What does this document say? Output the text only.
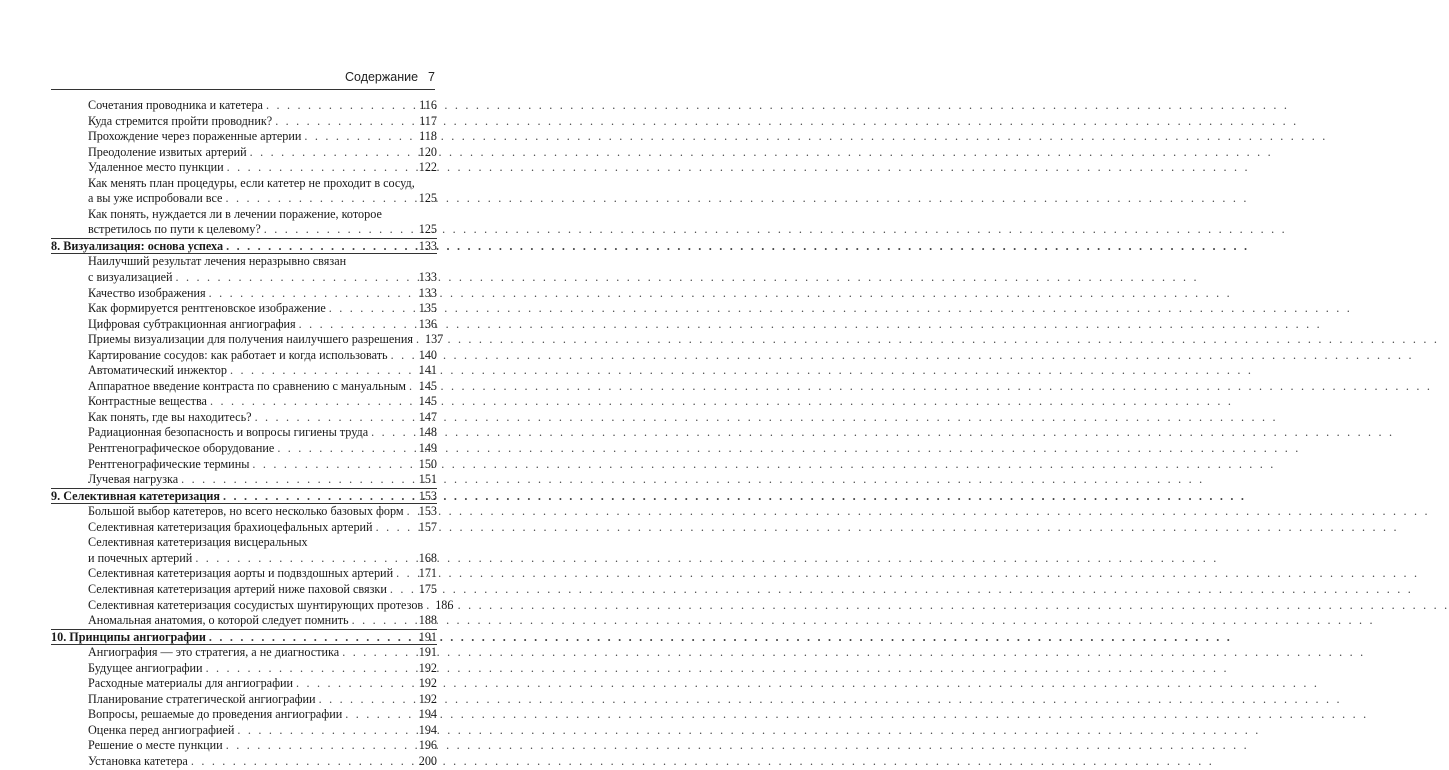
Содержание 7
Сочетания проводника и катетера . . .	116
Куда стремится пройти проводник? . . .	117
Прохождение через пораженные артерии . . .	118
Преодоление извитых артерий . . .	120
Удаленное место пункции . . .	122
Как менять план процедуры, если катетер не проходит в сосуд,
а вы уже испробовали все . . .	125
Как понять, нуждается ли в лечении поражение, которое
встретилось по пути к целевому? . . .	125
8. Визуализация: основа успеха . . .	133
Наилучший результат лечения неразрывно связан
с визуализацией . . .	133
Качество изображения . . .	133
Как формируется рентгеновское изображение . . .	135
Цифровая субтракционная ангиография . . .	136
Приемы визуализации для получения наилучшего разрешения . . . 137
Картирование сосудов: как работает и когда использовать . . .	140
Автоматический инжектор . . .	141
Аппаратное введение контраста по сравнению с мануальным . . . 145
Контрастные вещества . . .	145
Как понять, где вы находитесь? . . .	147
Радиационная безопасность и вопросы гигиены труда . . .	148
Рентгенографическое оборудование . . .	149
Рентгенографические термины . . .	150
Лучевая нагрузка . . .	151
9. Селективная катетеризация . . .	153
Большой выбор катетеров, но всего несколько базовых форм . . . 153
Селективная катетеризация брахиоцефальных артерий . . .	157
Селективная катетеризация висцеральных
и почечных артерий . . .	168
Селективная катетеризация аорты и подвздошных артерий . . . 171
Селективная катетеризация артерий ниже паховой связки . . .	175
Селективная катетеризация сосудистых шунтирующих протезов . . . 186
Аномальная анатомия, о которой следует помнить . . .	188
10. Принципы ангиографии . . .	191
Ангиография — это стратегия, а не диагностика . . .	191
Будущее ангиографии . . .	192
Расходные материалы для ангиографии . . .	192
Планирование стратегической ангиографии . . .	192
Вопросы, решаемые до проведения ангиографии . . .	194
Оценка перед ангиографией . . .	194
Решение о месте пункции . . .	196
Установка катетера . . .	200
